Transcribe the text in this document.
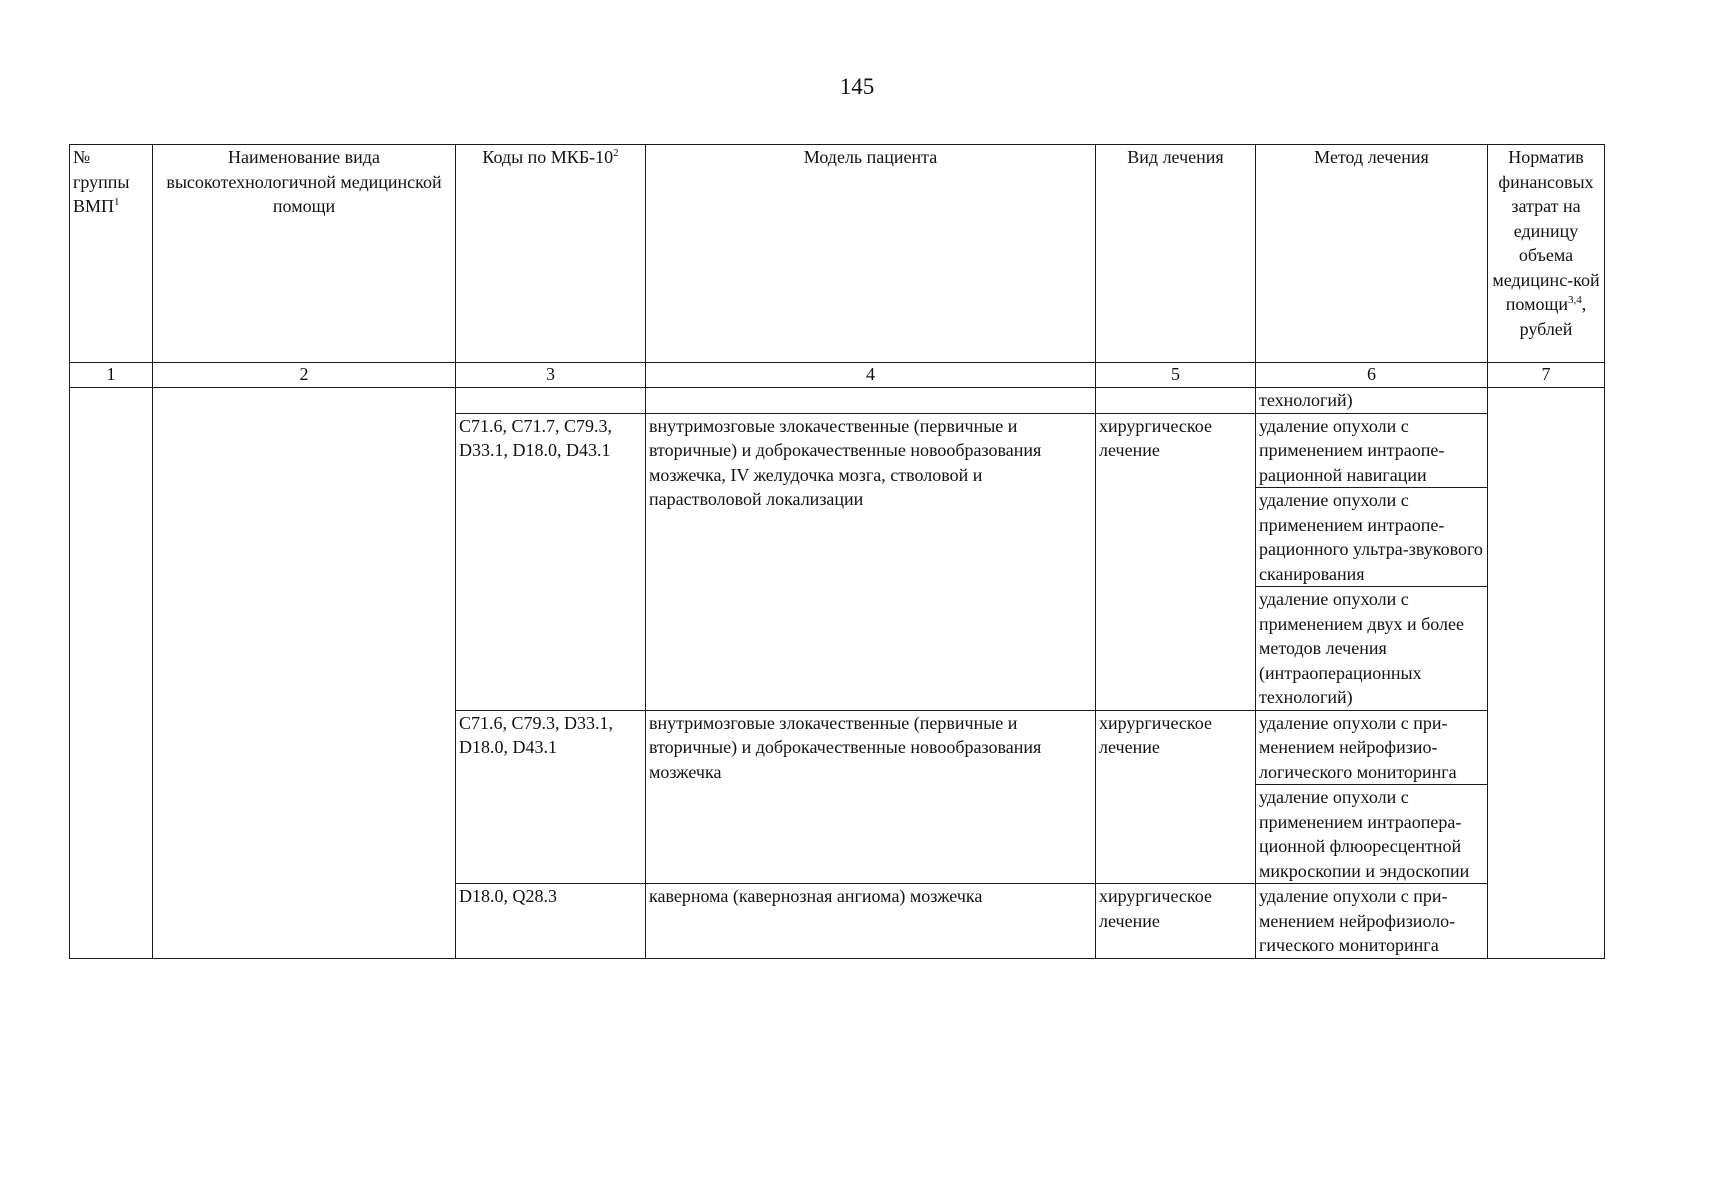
145
№
группы
ВМП$^1$	Наименование вида высокотехнологичной медицинской помощи	Коды по МКБ-$10^2$	Модель пациента	Вид лечения	Метод лечения	Норматив финансовых затрат на единицу объема медицинс-кой помощи$^{3,4}$, рублей
1	2	3	4	5	6	7
					технологий)	
		C71.6, C71.7, C79.3, D33.1, D18.0, D43.1	внутримозговые злокачественные (первичные и вторичные) и доброкачественные новообразования мозжечка, IV желудочка мозга, стволовой и парастволовой локализации	хирургическое лечение	удаление опухоли с применением интраопе-рационной навигации	
					удаление опухоли с применением интраопе-рационного ультра-звукового сканирования	
					удаление опухоли с применением двух и более методов лечения (интраоперационных технологий)	
		C71.6, C79.3, D33.1, D18.0, D43.1	внутримозговые злокачественные (первичные и вторичные) и доброкачественные новообразования мозжечка	хирургическое лечение	удаление опухоли с при-менением нейрофизио-логического мониторинга	
					удаление опухоли с применением интраопера-ционной флюоресцентной микроскопии и эндоскопии	
		D18.0, Q28.3	кавернома (кавернозная ангиома) мозжечка	хирургическое лечение	удаление опухоли с при-менением нейрофизиоло-гического мониторинга	
